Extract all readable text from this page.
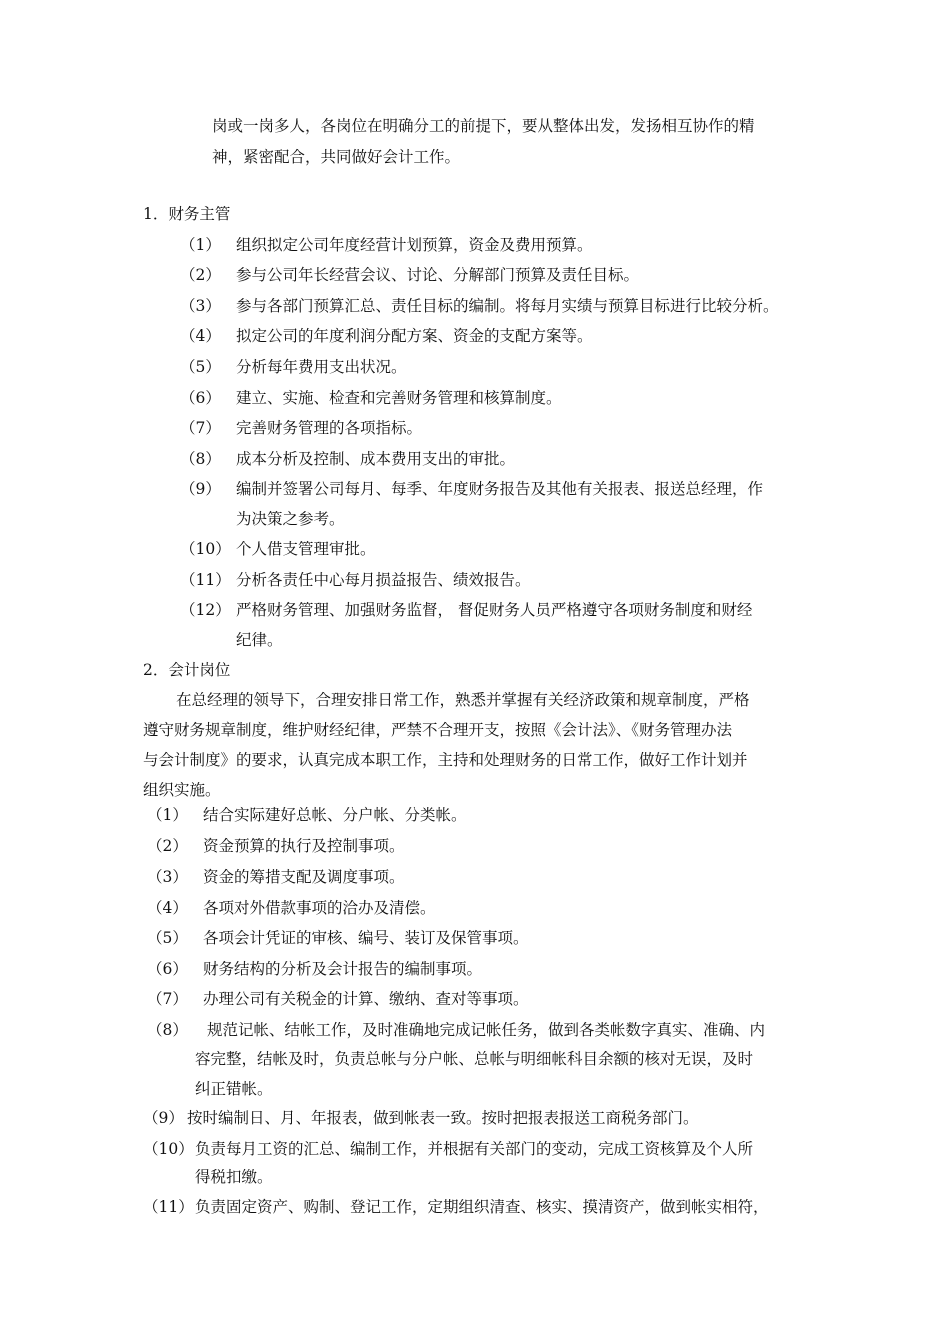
岗或一岗多人，各岗位在明确分工的前提下，要从整体出发，发扬相互协作的精
神，紧密配合，共同做好会计工作。
1．财务主管
（1） 组织拟定公司年度经营计划预算，资金及费用预算。
（2） 参与公司年长经营会议、讨论、分解部门预算及责任目标。
（3） 参与各部门预算汇总、责任目标的编制。将每月实绩与预算目标进行比较分析。
（4） 拟定公司的年度利润分配方案、资金的支配方案等。
（5） 分析每年费用支出状况。
（6） 建立、实施、检查和完善财务管理和核算制度。
（7） 完善财务管理的各项指标。
（8） 成本分析及控制、成本费用支出的审批。
（9） 编制并签署公司每月、每季、年度财务报告及其他有关报表、报送总经理，作
为决策之参考。
（10） 个人借支管理审批。
（11） 分析各责任中心每月损益报告、绩效报告。
（12） 严格财务管理、加强财务监督， 督促财务人员严格遵守各项财务制度和财经
纪律。
2．会计岗位
在总经理的领导下，合理安排日常工作，熟悉并掌握有关经济政策和规章制度，严格
遵守财务规章制度，维护财经纪律，严禁不合理开支，按照《会计法》、《财务管理办法
与会计制度》的要求，认真完成本职工作，主持和处理财务的日常工作，做好工作计划并
组织实施。
（1） 结合实际建好总帐、分户帐、分类帐。
（2） 资金预算的执行及控制事项。
（3） 资金的筹措支配及调度事项。
（4） 各项对外借款事项的洽办及清偿。
（5） 各项会计凭证的审核、编号、装订及保管事项。
（6） 财务结构的分析及会计报告的编制事项。
（7） 办理公司有关税金的计算、缴纳、查对等事项。
（8） 规范记帐、结帐工作，及时准确地完成记帐任务，做到各类帐数字真实、准确、内
容完整，结帐及时，负责总帐与分户帐、总帐与明细帐科目余额的核对无误，及时
纠正错帐。
（9） 按时编制日、月、年报表，做到帐表一致。按时把报表报送工商税务部门。
（10） 负责每月工资的汇总、编制工作，并根据有关部门的变动，完成工资核算及个人所
得税扣缴。
（11） 负责固定资产、购制、登记工作，定期组织清查、核实、摸清资产，做到帐实相符，
